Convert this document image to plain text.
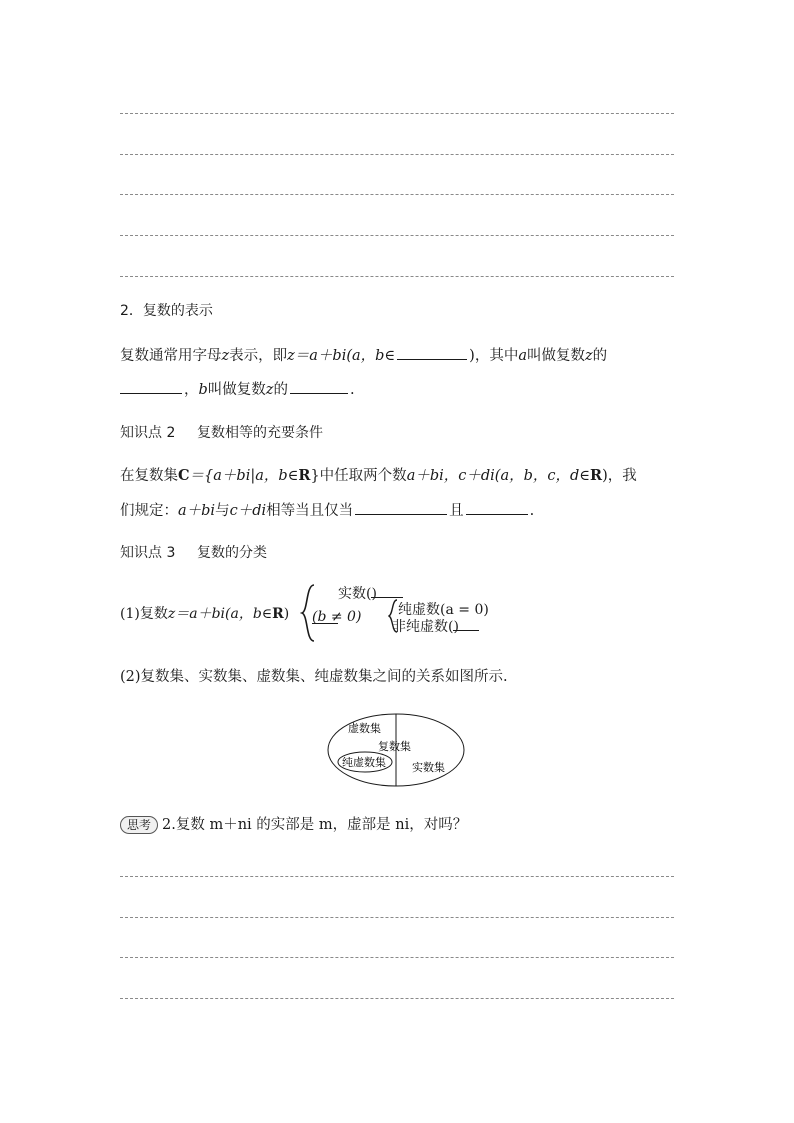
2．复数的表示
复数通常用字母z表示，即z＝a＋bi(a，b∈	)，其中a叫做复数z的
，b叫做复数z的	.
知识点 2 复数相等的充要条件
在复数集C＝{a＋bi|a，b∈R}中任取两个数a＋bi，c＋di(a，b，c，d∈R)，我
们规定：a＋bi与c＋di相等当且仅当	且	.
知识点 3 复数的分类
(1)复数z＝a＋bi(a，b∈R)
实数(
)
(b ≠ 0)	纯虚数(a = 0)
非纯虚数(
)
(2)复数集、实数集、虚数集、纯虚数集之间的关系如图所示.
虚数集
复数集
纯虚数集 实数集
思考 2.复数 m＋ni 的实部是 m，虚部是 ni，对吗？
